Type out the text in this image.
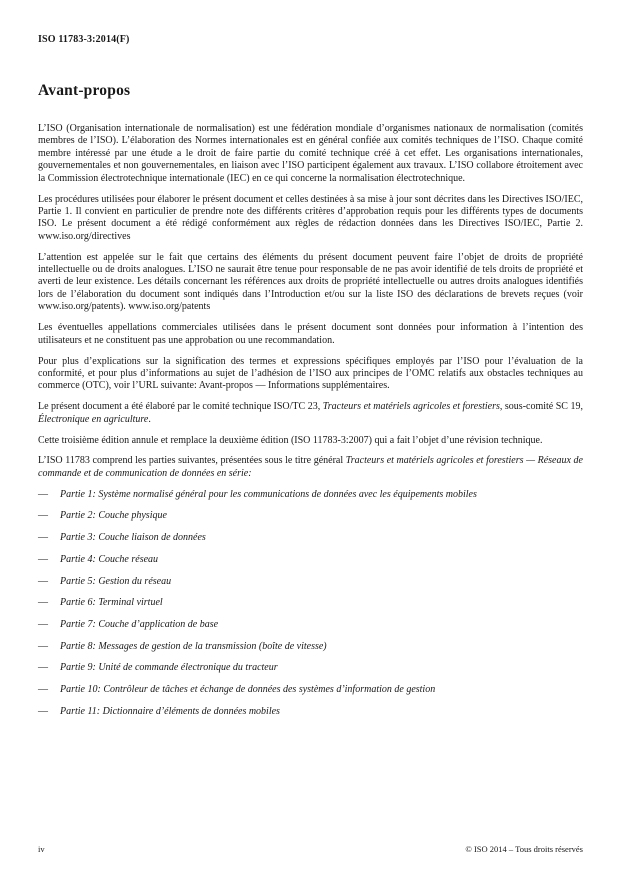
ISO 11783-3:2014(F)
Avant-propos

L’ISO (Organisation internationale de normalisation) est une fédération mondiale d’organismes nationaux de normalisation (comités membres de l’ISO). L’élaboration des Normes internationales est en général confiée aux comités techniques de l’ISO. Chaque comité membre intéressé par une étude a le droit de faire partie du comité technique créé à cet effet. Les organisations internationales, gouvernementales et non gouvernementales, en liaison avec l’ISO participent également aux travaux. L’ISO collabore étroitement avec la Commission électrotechnique internationale (IEC) en ce qui concerne la normalisation électrotechnique.

Les procédures utilisées pour élaborer le présent document et celles destinées à sa mise à jour sont décrites dans les Directives ISO/IEC, Partie 1. Il convient en particulier de prendre note des différents critères d’approbation requis pour les différents types de documents ISO. Le présent document a été rédigé conformément aux règles de rédaction données dans les Directives ISO/IEC, Partie 2. www.iso.org/directives

L’attention est appelée sur le fait que certains des éléments du présent document peuvent faire l’objet de droits de propriété intellectuelle ou de droits analogues. L’ISO ne saurait être tenue pour responsable de ne pas avoir identifié de tels droits de propriété et averti de leur existence. Les détails concernant les références aux droits de propriété intellectuelle ou autres droits analogues identifiés lors de l’élaboration du document sont indiqués dans l’Introduction et/ou sur la liste ISO des déclarations de brevets reçues (voir www.iso.org/patents). www.iso.org/patents

Les éventuelles appellations commerciales utilisées dans le présent document sont données pour information à l’intention des utilisateurs et ne constituent pas une approbation ou une recommandation.

Pour plus d’explications sur la signification des termes et expressions spécifiques employés par l’ISO pour l’évaluation de la conformité, et pour plus d’informations au sujet de l’adhésion de l’ISO aux principes de l’OMC relatifs aux obstacles techniques au commerce (OTC), voir l’URL suivante: Avant-propos — Informations supplémentaires.

Le présent document a été élaboré par le comité technique ISO/TC 23, Tracteurs et matériels agricoles et forestiers, sous-comité SC 19, Électronique en agriculture.

Cette troisième édition annule et remplace la deuxième édition (ISO 11783-3:2007) qui a fait l’objet d’une révision technique.

L’ISO 11783 comprend les parties suivantes, présentées sous le titre général Tracteurs et matériels agricoles et forestiers — Réseaux de commande et de communication de données en série:

—	Partie 1: Système normalisé général pour les communications de données avec les équipements mobiles
—	Partie 2: Couche physique
—	Partie 3: Couche liaison de données
—	Partie 4: Couche réseau
—	Partie 5: Gestion du réseau
—	Partie 6: Terminal virtuel
—	Partie 7: Couche d’application de base
—	Partie 8: Messages de gestion de la transmission (boîte de vitesse)
—	Partie 9: Unité de commande électronique du tracteur
—	Partie 10: Contrôleur de tâches et échange de données des systèmes d’information de gestion
—	Partie 11: Dictionnaire d’éléments de données mobiles
iv	© ISO 2014 – Tous droits réservés
